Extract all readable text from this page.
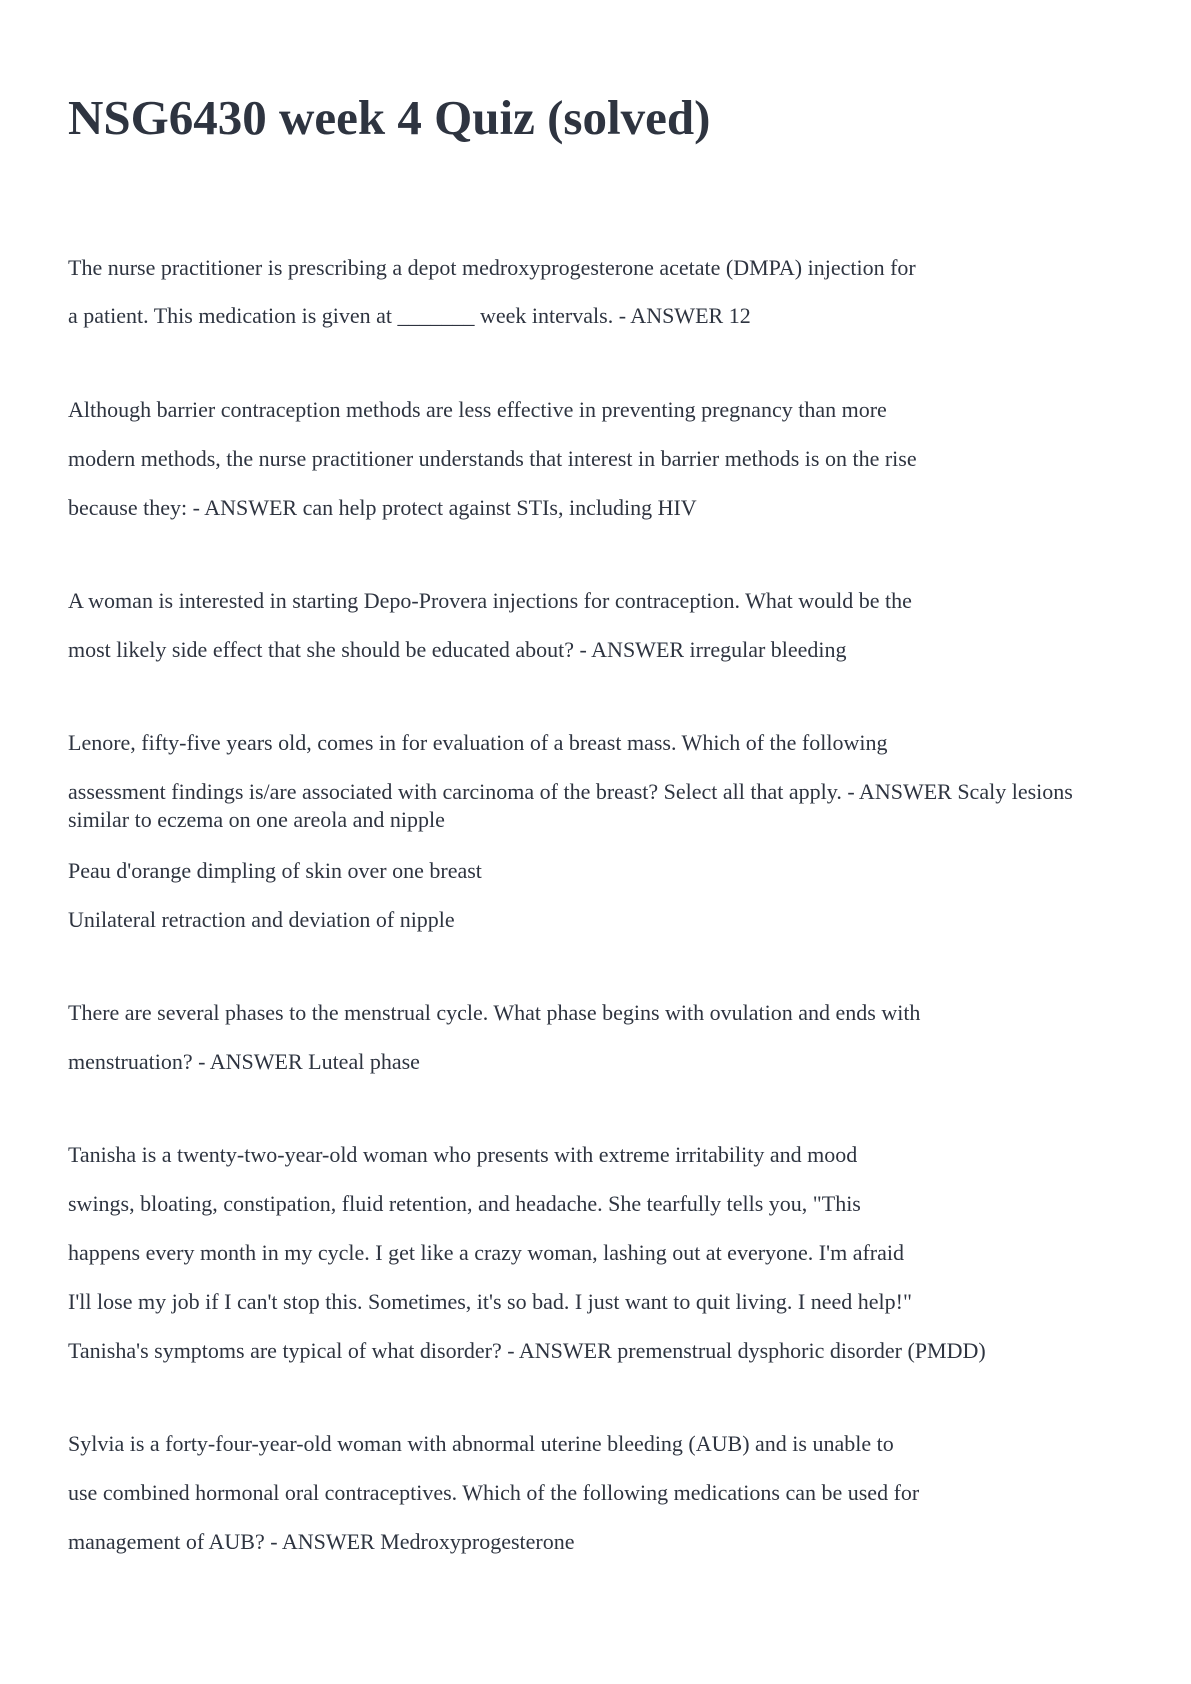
NSG6430 week 4 Quiz (solved)

The nurse practitioner is prescribing a depot medroxyprogesterone acetate (DMPA) injection for

a patient. This medication is given at _______ week intervals. - ANSWER 12

Although barrier contraception methods are less effective in preventing pregnancy than more

modern methods, the nurse practitioner understands that interest in barrier methods is on the rise

because they: - ANSWER can help protect against STIs, including HIV

A woman is interested in starting Depo-Provera injections for contraception. What would be the

most likely side effect that she should be educated about? - ANSWER irregular bleeding

Lenore, fifty-five years old, comes in for evaluation of a breast mass. Which of the following

assessment findings is/are associated with carcinoma of the breast? Select all that apply. - ANSWER Scaly lesions similar to eczema on one areola and nipple

Peau d'orange dimpling of skin over one breast

Unilateral retraction and deviation of nipple

There are several phases to the menstrual cycle. What phase begins with ovulation and ends with

menstruation? - ANSWER Luteal phase

Tanisha is a twenty-two-year-old woman who presents with extreme irritability and mood

swings, bloating, constipation, fluid retention, and headache. She tearfully tells you, "This

happens every month in my cycle. I get like a crazy woman, lashing out at everyone. I'm afraid

I'll lose my job if I can't stop this. Sometimes, it's so bad. I just want to quit living. I need help!"

Tanisha's symptoms are typical of what disorder? - ANSWER premenstrual dysphoric disorder (PMDD)

Sylvia is a forty-four-year-old woman with abnormal uterine bleeding (AUB) and is unable to

use combined hormonal oral contraceptives. Which of the following medications can be used for

management of AUB? - ANSWER Medroxyprogesterone
